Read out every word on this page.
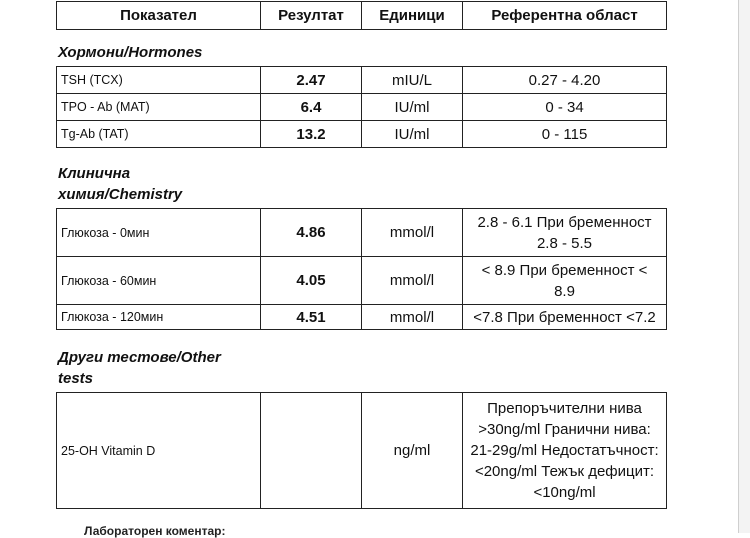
Показател	Резултат	Единици	Референтна област
Хормони/Hormones
TSH (TCX)	2.47	mIU/L	0.27 - 4.20
TPO - Ab (MAT)	6.4	IU/ml	0 - 34
Tg-Ab (TAT)	13.2	IU/ml	0 - 115
Клинична
химия/Chemistry
Глюкоза - 0мин	4.86	mmol/l	2.8 - 6.1 При бременност
2.8 - 5.5

Глюкоза - 60мин	4.05	mmol/l	< 8.9 При бременност <
8.9

Глюкоза - 120мин	4.51	mmol/l	<7.8 При бременност <7.2
Други тестове/Other
tests
25-OH Vitamin D		ng/ml	
Препоръчителни нива
>30ng/ml Гранични нива:
21-29g/ml Недостатъчност:
<20ng/ml Тежък дефицит:
<10ng/ml
Лабораторен коментар:
